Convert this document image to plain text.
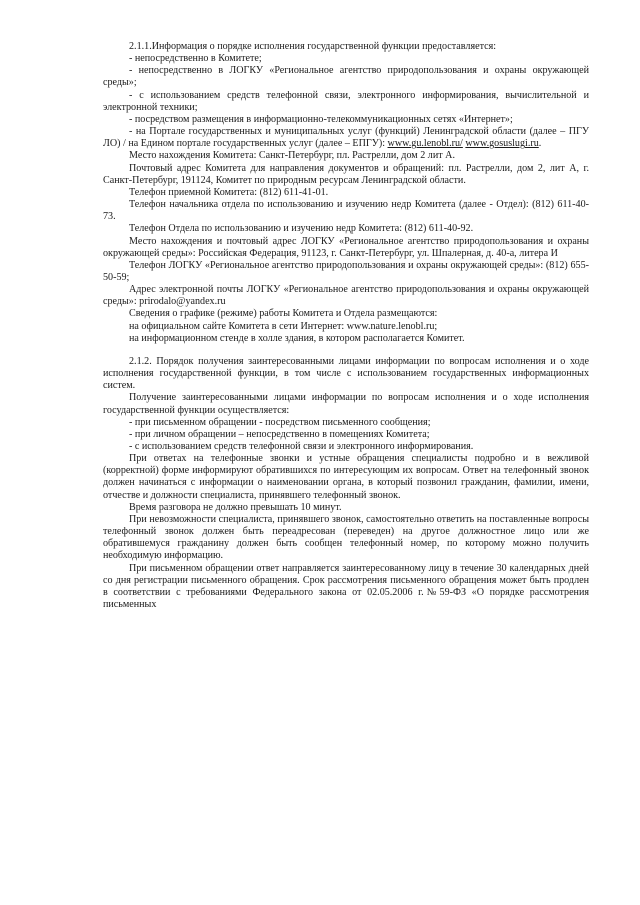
2.1.1.Информация о порядке исполнения государственной функции предоставляется:

- непосредственно в Комитете;

- непосредственно в ЛОГКУ «Региональное агентство природопользования и охраны окружающей среды»;

- с использованием средств телефонной связи, электронного информирования, вычислительной и электронной техники;

- посредством размещения в информационно-телекоммуникационных сетях «Интернет»;

- на Портале государственных и муниципальных услуг (функций) Ленинградской области (далее – ПГУ ЛО) / на Едином портале государственных услуг (далее – ЕПГУ): www.gu.lenobl.ru/ www.gosuslugi.ru.

Место нахождения Комитета: Санкт-Петербург, пл. Растрелли, дом 2 лит А.

Почтовый адрес Комитета для направления документов и обращений: пл. Растрелли, дом 2, лит А, г. Санкт-Петербург, 191124, Комитет по природным ресурсам Ленинградской области.

Телефон приемной Комитета: (812) 611-41-01.

Телефон начальника отдела по использованию и изучению недр Комитета (далее - Отдел): (812) 611-40-73.

Телефон Отдела по использованию и изучению недр Комитета: (812) 611-40-92.

Место нахождения и почтовый адрес ЛОГКУ «Региональное агентство природопользования и охраны окружающей среды»: Российская Федерация, 91123, г. Санкт-Петербург, ул. Шпалерная, д. 40-а, литера И

Телефон ЛОГКУ «Региональное агентство природопользования и охраны окружающей среды»: (812) 655-50-59;

Адрес электронной почты ЛОГКУ «Региональное агентство природопользования и охраны окружающей среды»: prirodalo@yandex.ru

Сведения о графике (режиме) работы Комитета и Отдела размещаются:

на официальном сайте Комитета в сети Интернет: www.nature.lenobl.ru;

на информационном стенде в холле здания, в котором располагается Комитет.

2.1.2. Порядок получения заинтересованными лицами информации по вопросам исполнения и о ходе исполнения государственной функции, в том числе с использованием государственных информационных систем.

Получение заинтересованными лицами информации по вопросам исполнения и о ходе исполнения государственной функции осуществляется:

- при письменном обращении - посредством письменного сообщения;

- при личном обращении – непосредственно в помещениях Комитета;

- с использованием средств телефонной связи и электронного информирования.

При ответах на телефонные звонки и устные обращения специалисты подробно и в вежливой (корректной) форме информируют обратившихся по интересующим их вопросам. Ответ на телефонный звонок должен начинаться с информации о наименовании органа, в который позвонил гражданин, фамилии, имени, отчестве и должности специалиста, принявшего телефонный звонок.

Время разговора не должно превышать 10 минут.

При невозможности специалиста, принявшего звонок, самостоятельно ответить на поставленные вопросы телефонный звонок должен быть переадресован (переведен) на другое должностное лицо или же обратившемуся гражданину должен быть сообщен телефонный номер, по которому можно получить необходимую информацию.

При письменном обращении ответ направляется заинтересованному лицу в течение 30 календарных дней со дня регистрации письменного обращения. Срок рассмотрения письменного обращения может быть продлен в соответствии с требованиями Федерального закона от 02.05.2006 г.№59-ФЗ «О порядке рассмотрения письменных
